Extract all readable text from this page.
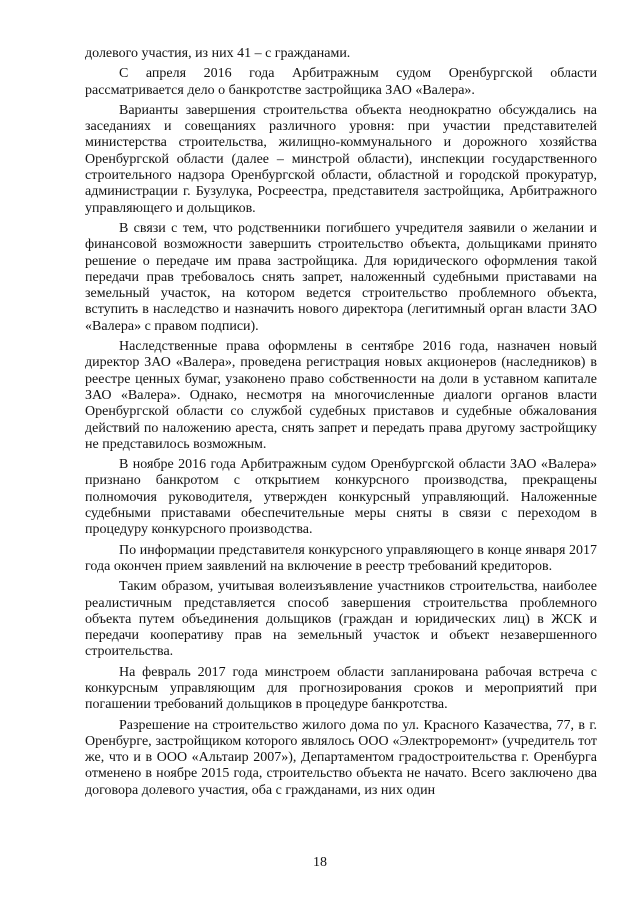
долевого участия, из них 41 – с гражданами.

С апреля 2016 года Арбитражным судом Оренбургской области рассматривается дело о банкротстве застройщика ЗАО «Валера».

Варианты завершения строительства объекта неоднократно обсуждались на заседаниях и совещаниях различного уровня: при участии представителей министерства строительства, жилищно-коммунального и дорожного хозяйства Оренбургской области (далее – минстрой области), инспекции государственного строительного надзора Оренбургской области, областной и городской прокуратур, администрации г. Бузулука, Росреестра, представителя застройщика, Арбитражного управляющего и дольщиков.

В связи с тем, что родственники погибшего учредителя заявили о желании и финансовой возможности завершить строительство объекта, дольщиками принято решение о передаче им права застройщика. Для юридического оформления такой передачи прав требовалось снять запрет, наложенный судебными приставами на земельный участок, на котором ведется строительство проблемного объекта, вступить в наследство и назначить нового директора (легитимный орган власти ЗАО «Валера» с правом подписи).

Наследственные права оформлены в сентябре 2016 года, назначен новый директор ЗАО «Валера», проведена регистрация новых акционеров (наследников) в реестре ценных бумаг, узаконено право собственности на доли в уставном капитале ЗАО «Валера». Однако, несмотря на многочисленные диалоги органов власти Оренбургской области со службой судебных приставов и судебные обжалования действий по наложению ареста, снять запрет и передать права другому застройщику не представилось возможным.

В ноябре 2016 года Арбитражным судом Оренбургской области ЗАО «Валера» признано банкротом с открытием конкурсного производства, прекращены полномочия руководителя, утвержден конкурсный управляющий. Наложенные судебными приставами обеспечительные меры сняты в связи с переходом в процедуру конкурсного производства.

По информации представителя конкурсного управляющего в конце января 2017 года окончен прием заявлений на включение в реестр требований кредиторов.

Таким образом, учитывая волеизъявление участников строительства, наиболее реалистичным представляется способ завершения строительства проблемного объекта путем объединения дольщиков (граждан и юридических лиц) в ЖСК и передачи кооперативу прав на земельный участок и объект незавершенного строительства.

На февраль 2017 года минстроем области запланирована рабочая встреча с конкурсным управляющим для прогнозирования сроков и мероприятий при погашении требований дольщиков в процедуре банкротства.

Разрешение на строительство жилого дома по ул. Красного Казачества, 77, в г. Оренбурге, застройщиком которого являлось ООО «Электроремонт» (учредитель тот же, что и в ООО «Альтаир 2007»), Департаментом градостроительства г. Оренбурга отменено в ноябре 2015 года, строительство объекта не начато. Всего заключено два договора долевого участия, оба с гражданами, из них один

18
